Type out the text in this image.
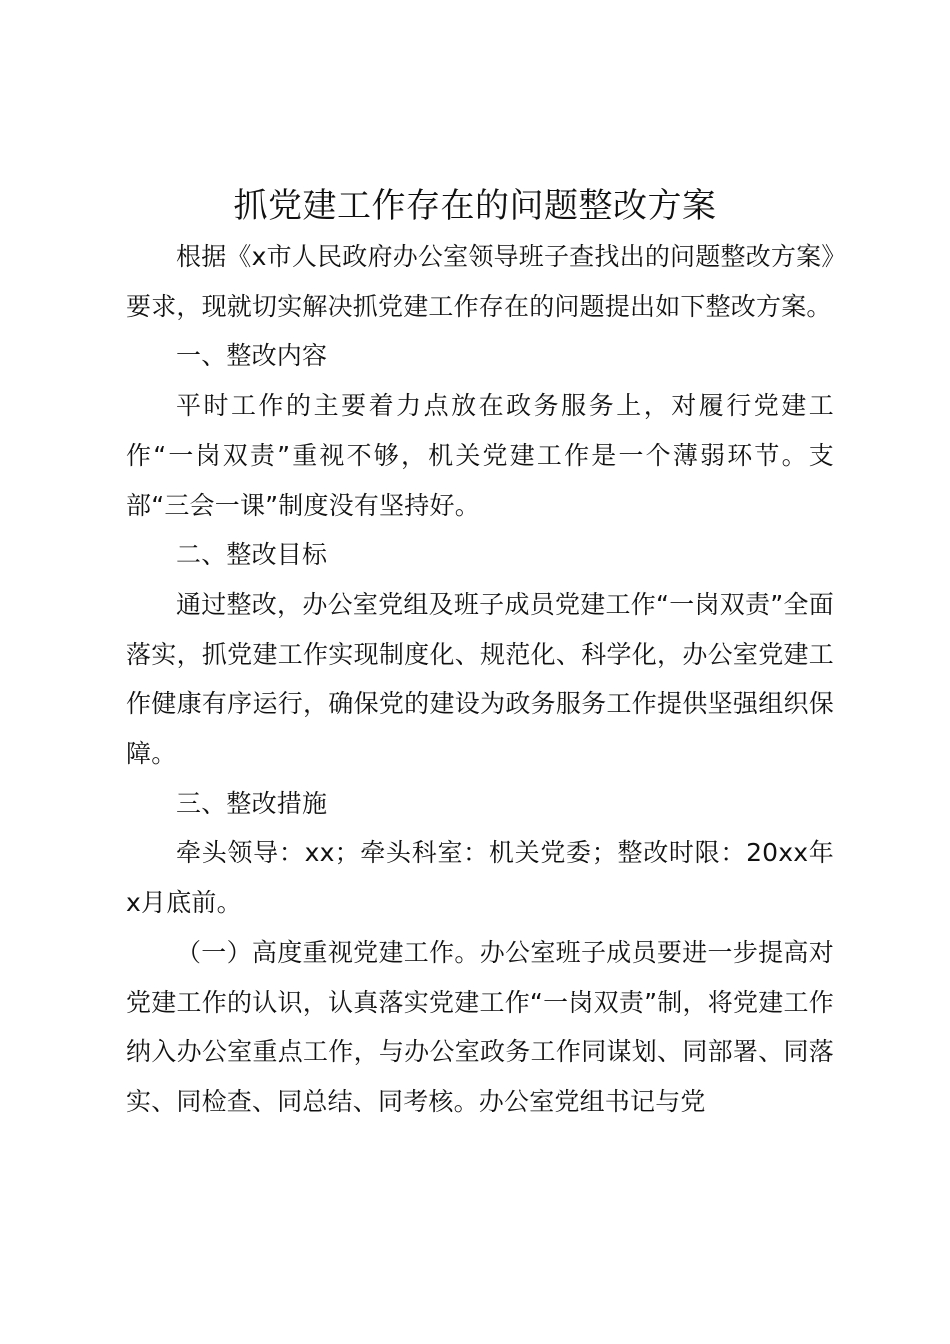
抓党建工作存在的问题整改方案

根据《x市人民政府办公室领导班子查找出的问题整改方案》要求，现就切实解决抓党建工作存在的问题提出如下整改方案。

一、整改内容

平时工作的主要着力点放在政务服务上，对履行党建工作“一岗双责”重视不够，机关党建工作是一个薄弱环节。支部“三会一课”制度没有坚持好。

二、整改目标

通过整改，办公室党组及班子成员党建工作“一岗双责”全面落实，抓党建工作实现制度化、规范化、科学化，办公室党建工作健康有序运行，确保党的建设为政务服务工作提供坚强组织保障。

三、整改措施

牵头领导：xx；牵头科室：机关党委；整改时限：20xx年x月底前。

（一）高度重视党建工作。办公室班子成员要进一步提高对党建工作的认识，认真落实党建工作“一岗双责”制，将党建工作纳入办公室重点工作，与办公室政务工作同谋划、同部署、同落实、同检查、同总结、同考核。办公室党组书记与党
